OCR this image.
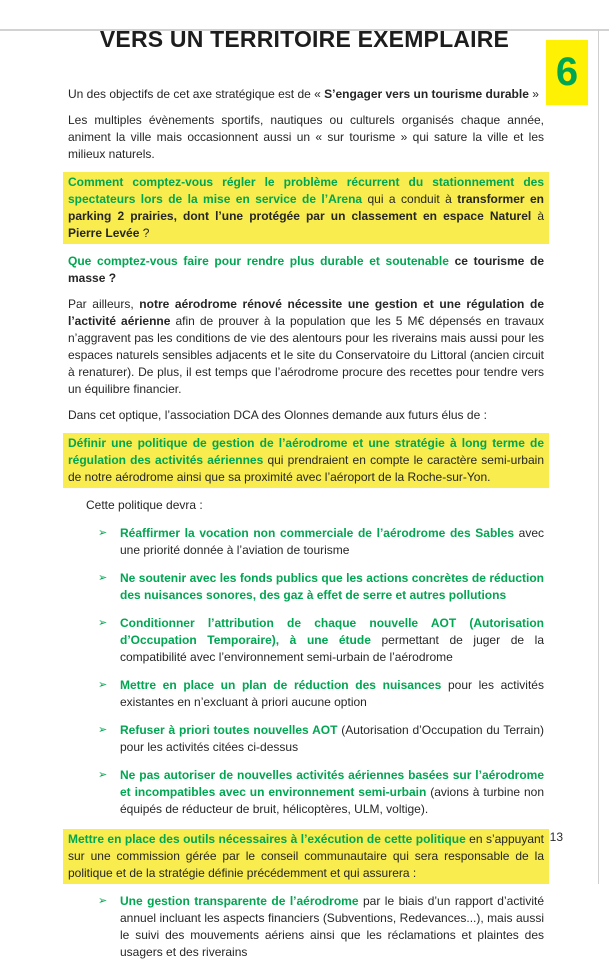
VERS UN TERRITOIRE EXEMPLAIRE
6
Un des objectifs de cet axe stratégique est de « S’engager vers un tourisme durable »
Les multiples évènements sportifs, nautiques ou culturels organisés chaque année, animent la ville mais occasionnent aussi un « sur tourisme » qui sature la ville et les milieux naturels.
Comment comptez-vous régler le problème récurrent du stationnement des spectateurs lors de la mise en service de l’Arena qui a conduit à transformer en parking 2 prairies, dont l’une protégée par un classement en espace Naturel à Pierre Levée ?
Que comptez-vous faire pour rendre plus durable et soutenable ce tourisme de masse ?
Par ailleurs, notre aérodrome rénové nécessite une gestion et une régulation de l’activité aérienne afin de prouver à la population que les 5 M€ dépensés en travaux n’aggravent pas les conditions de vie des alentours pour les riverains mais aussi pour les espaces naturels sensibles adjacents et le site du Conservatoire du Littoral (ancien circuit à renaturer). De plus, il est temps que l’aérodrome procure des recettes pour tendre vers un équilibre financier.
Dans cet optique, l’association DCA des Olonnes demande aux futurs élus de :
Définir une politique de gestion de l’aérodrome et une stratégie à long terme de régulation des activités aériennes qui prendraient en compte le caractère semi-urbain de notre aérodrome ainsi que sa proximité avec l’aéroport de la Roche-sur-Yon.
Cette politique devra :
➢ Réaffirmer la vocation non commerciale de l’aérodrome des Sables avec une priorité donnée à l’aviation de tourisme
➢ Ne soutenir avec les fonds publics que les actions concrètes de réduction des nuisances sonores, des gaz à effet de serre et autres pollutions
➢ Conditionner l’attribution de chaque nouvelle AOT (Autorisation d’Occupation Temporaire), à une étude permettant de juger de la compatibilité avec l’environnement semi-urbain de l’aérodrome
➢ Mettre en place un plan de réduction des nuisances pour les activités existantes en n’excluant à priori aucune option
➢ Refuser à priori toutes nouvelles AOT (Autorisation d’Occupation du Terrain) pour les activités citées ci-dessus
➢ Ne pas autoriser de nouvelles activités aériennes basées sur l’aérodrome et incompatibles avec un environnement semi-urbain (avions à turbine non équipés de réducteur de bruit, hélicoptères, ULM, voltige).
Mettre en place des outils nécessaires à l’exécution de cette politique en s’appuyant sur une commission gérée par le conseil communautaire qui sera responsable de la politique et de la stratégie définie précédemment et qui assurera :
➢ Une gestion transparente de l’aérodrome par le biais d’un rapport d’activité annuel incluant les aspects financiers (Subventions, Redevances...), mais aussi le suivi des mouvements aériens ainsi que les réclamations et plaintes des usagers et des riverains
13
